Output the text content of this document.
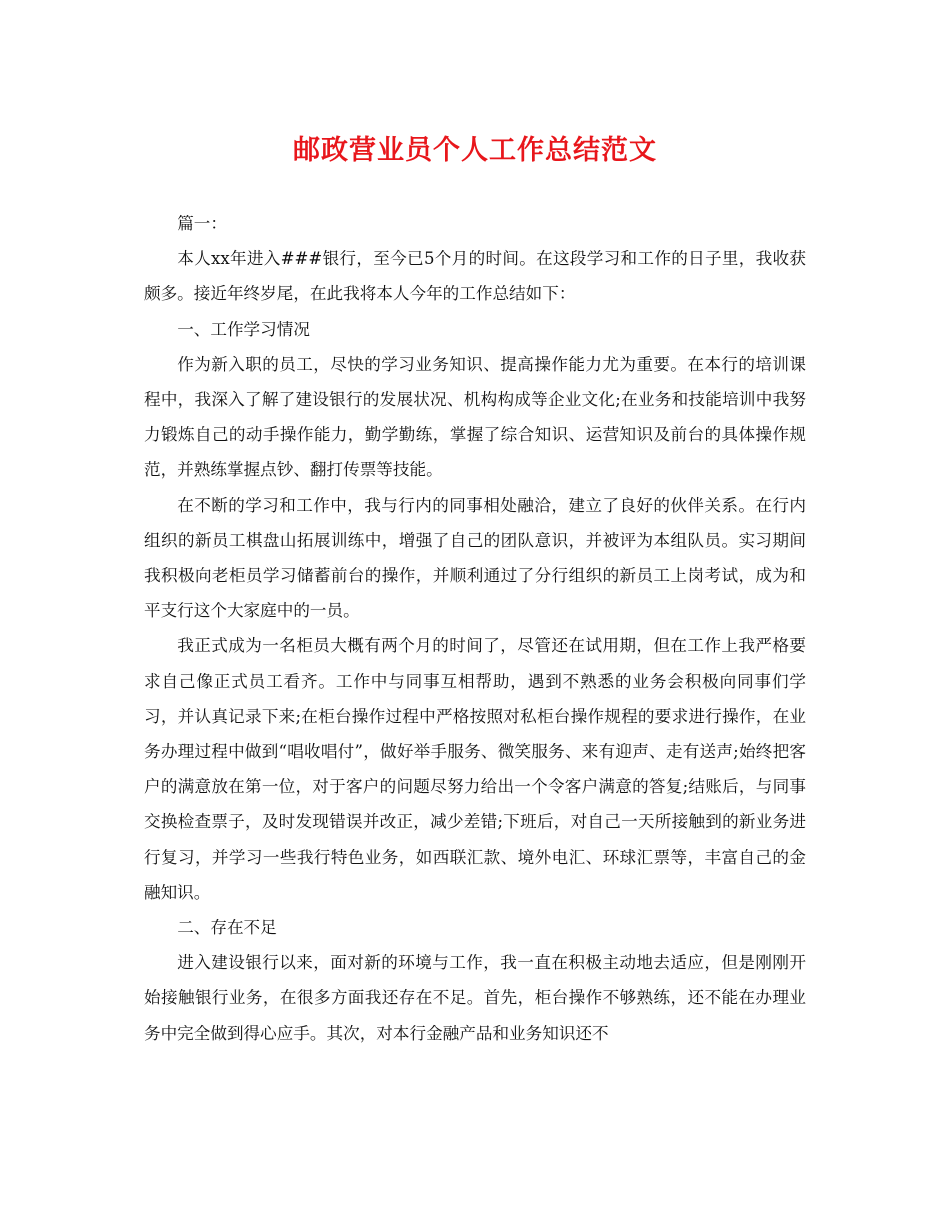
邮政营业员个人工作总结范文

篇一：

本人xx年进入###银行，至今已5个月的时间。在这段学习和工作的日子里，我收获颇多。接近年终岁尾，在此我将本人今年的工作总结如下：

一、工作学习情况

作为新入职的员工，尽快的学习业务知识、提高操作能力尤为重要。在本行的培训课程中，我深入了解了建设银行的发展状况、机构构成等企业文化;在业务和技能培训中我努力锻炼自己的动手操作能力，勤学勤练，掌握了综合知识、运营知识及前台的具体操作规范，并熟练掌握点钞、翻打传票等技能。

在不断的学习和工作中，我与行内的同事相处融洽，建立了良好的伙伴关系。在行内组织的新员工棋盘山拓展训练中，增强了自己的团队意识，并被评为本组队员。实习期间我积极向老柜员学习储蓄前台的操作，并顺利通过了分行组织的新员工上岗考试，成为和平支行这个大家庭中的一员。

我正式成为一名柜员大概有两个月的时间了，尽管还在试用期，但在工作上我严格要求自己像正式员工看齐。工作中与同事互相帮助，遇到不熟悉的业务会积极向同事们学习，并认真记录下来;在柜台操作过程中严格按照对私柜台操作规程的要求进行操作，在业务办理过程中做到“唱收唱付”，做好举手服务、微笑服务、来有迎声、走有送声;始终把客户的满意放在第一位，对于客户的问题尽努力给出一个令客户满意的答复;结账后，与同事交换检查票子，及时发现错误并改正，减少差错;下班后，对自己一天所接触到的新业务进行复习，并学习一些我行特色业务，如西联汇款、境外电汇、环球汇票等，丰富自己的金融知识。

二、存在不足

进入建设银行以来，面对新的环境与工作，我一直在积极主动地去适应，但是刚刚开始接触银行业务，在很多方面我还存在不足。首先，柜台操作不够熟练，还不能在办理业务中完全做到得心应手。其次，对本行金融产品和业务知识还不
